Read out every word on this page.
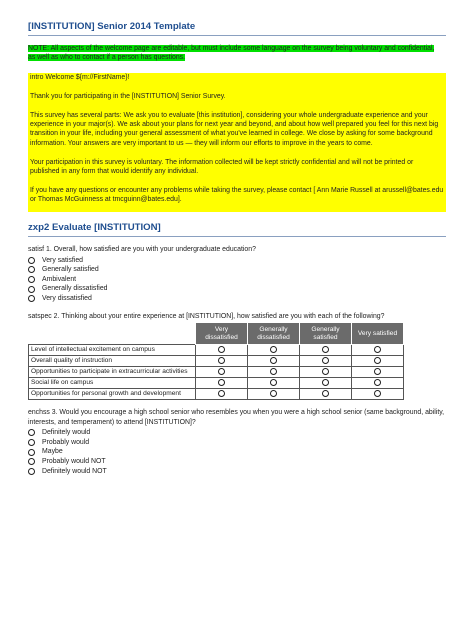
[INSTITUTION] Senior 2014 Template
NOTE: All aspects of the welcome page are editable, but must include some language on the survey being voluntary and confidential,
as well as who to contact if a person has questions.

intro Welcome ${m://FirstName}!

Thank you for participating in the [INSTITUTION] Senior Survey.

This survey has several parts: We ask you to evaluate [this institution], considering your whole undergraduate experience and your experience in your major(s). We ask about your plans for next year and beyond, and about how well prepared you feel for this next big transition in your life, including your general assessment of what you've learned in college. We close by asking for some background information. Your answers are very important to us — they will inform our efforts to improve in the years to come.

Your participation in this survey is voluntary. The information collected will be kept strictly confidential and will not be printed or published in any form that would identify any individual.

If you have any questions or encounter any problems while taking the survey, please contact [ Ann Marie Russell at arussell@bates.edu or Thomas McGuinness at tmcguinn@bates.edu].

zxp2 Evaluate [INSTITUTION]
satisf 1. Overall, how satisfied are you with your undergraduate education?
Very satisfied
Generally satisfied
Ambivalent
Generally dissatisfied
Very dissatisfied
satspec 2. Thinking about your entire experience at [INSTITUTION], how satisfied are you with each of the following?
	Very dissatisfied	Generally dissatisfied	Generally satisfied	Very satisfied
Level of intellectual excitement on campus				
Overall quality of instruction				
Opportunities to participate in extracurricular activities				
Social life on campus				
Opportunities for personal growth and development				
enchss 3. Would you encourage a high school senior who resembles you when you were a high school senior (same background, ability, interests, and temperament) to attend [INSTITUTION]?
Definitely would
Probably would
Maybe
Probably would NOT
Definitely would NOT
